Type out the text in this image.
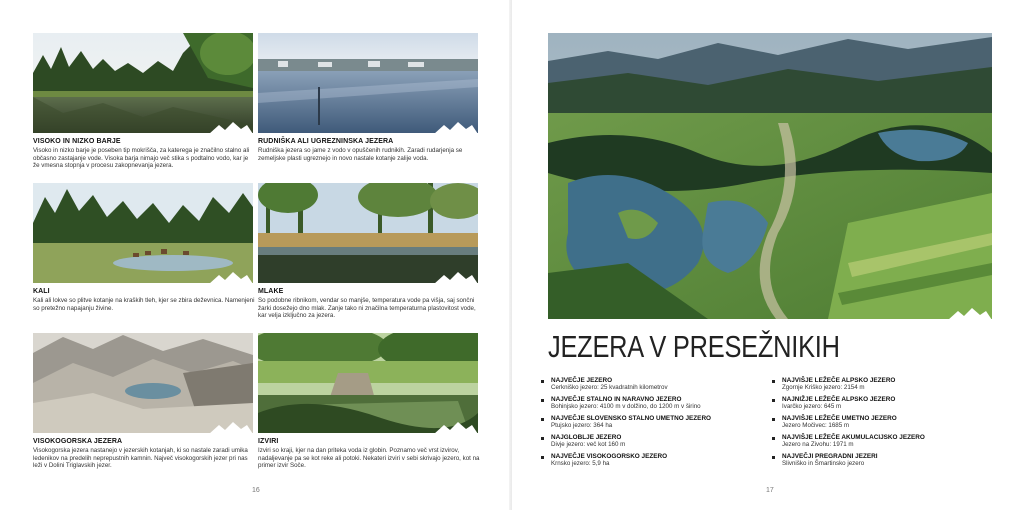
VISOKO IN NIZKO BARJE

Visoko in nizko barje je poseben tip mokrišča, za katerega je značilno stalno ali občasno zastajanje vode. Visoka barja nimajo več stika s podtalno vodo, kar je že vmesna stopnja v procesu zakopnevanja jezera.

RUDNIŠKA ALI UGREZNINSKA JEZERA

Rudniška jezera so jame z vodo v opuščenih rudnikih. Zaradi rudarjenja se zemeljske plasti ugreznejo in novo nastale kotanje zalije voda.

KALI

Kali ali lokve so plitve kotanje na kraških tleh, kjer se zbira deževnica. Namenjeni so pretežno napajanju živine.

MLAKE

So podobne ribnikom, vendar so manjše, temperatura vode pa višja, saj sončni žarki dosežejo dno mlak. Zanje tako ni značilna temperaturna plastovitost vode, kar velja izključno za jezera.

VISOKOGORSKA JEZERA

Visokogorska jezera nastanejo v jezerskih kotanjah, ki so nastale zaradi umika ledenikov na predelih neprepustnih kamnin. Največ visokogorskih jezer pri nas leži v Dolini Triglavskih jezer.

IZVIRI

Izviri so kraji, kjer na dan priteka voda iz globin. Poznamo več vrst izvirov, nadaljevanje pa se kot reke ali potoki. Nekateri izviri v sebi skrivajo jezero, kot na primer izvir Soče.

16	17
JEZERA V PRESEŽNIKIH
NAJVEČJE JEZERO
Cerkniško jezero: 25 kvadratnih kilometrov
NAJVEČJE STALNO IN NARAVNO JEZERO
Bohinjsko jezero: 4100 m v dolžino, do 1200 m v širino
NAJVEČJE SLOVENSKO STALNO UMETNO JEZERO
Ptujsko jezero: 364 ha
NAJGLOBLJE JEZERO
Divje jezero: več kot 160 m
NAJVEČJE VISOKOGORSKO JEZERO
Krnsko jezero: 5,9 ha
NAJVIŠJE LEŽEČE ALPSKO JEZERO
Zgornje Kriško jezero: 2154 m
NAJNIŽJE LEŽEČE ALPSKO JEZERO
Ivarčko jezero: 645 m
NAJVIŠJE LEŽEČE UMETNO JEZERO
Jezero Močivec: 1685 m
NAJVIŠJE LEŽEČE AKUMULACIJSKO JEZERO
Jezero na Zivohu: 1971 m
NAJVEČJI PREGRADNI JEZERI
Slivniško in Šmartinsko jezero
